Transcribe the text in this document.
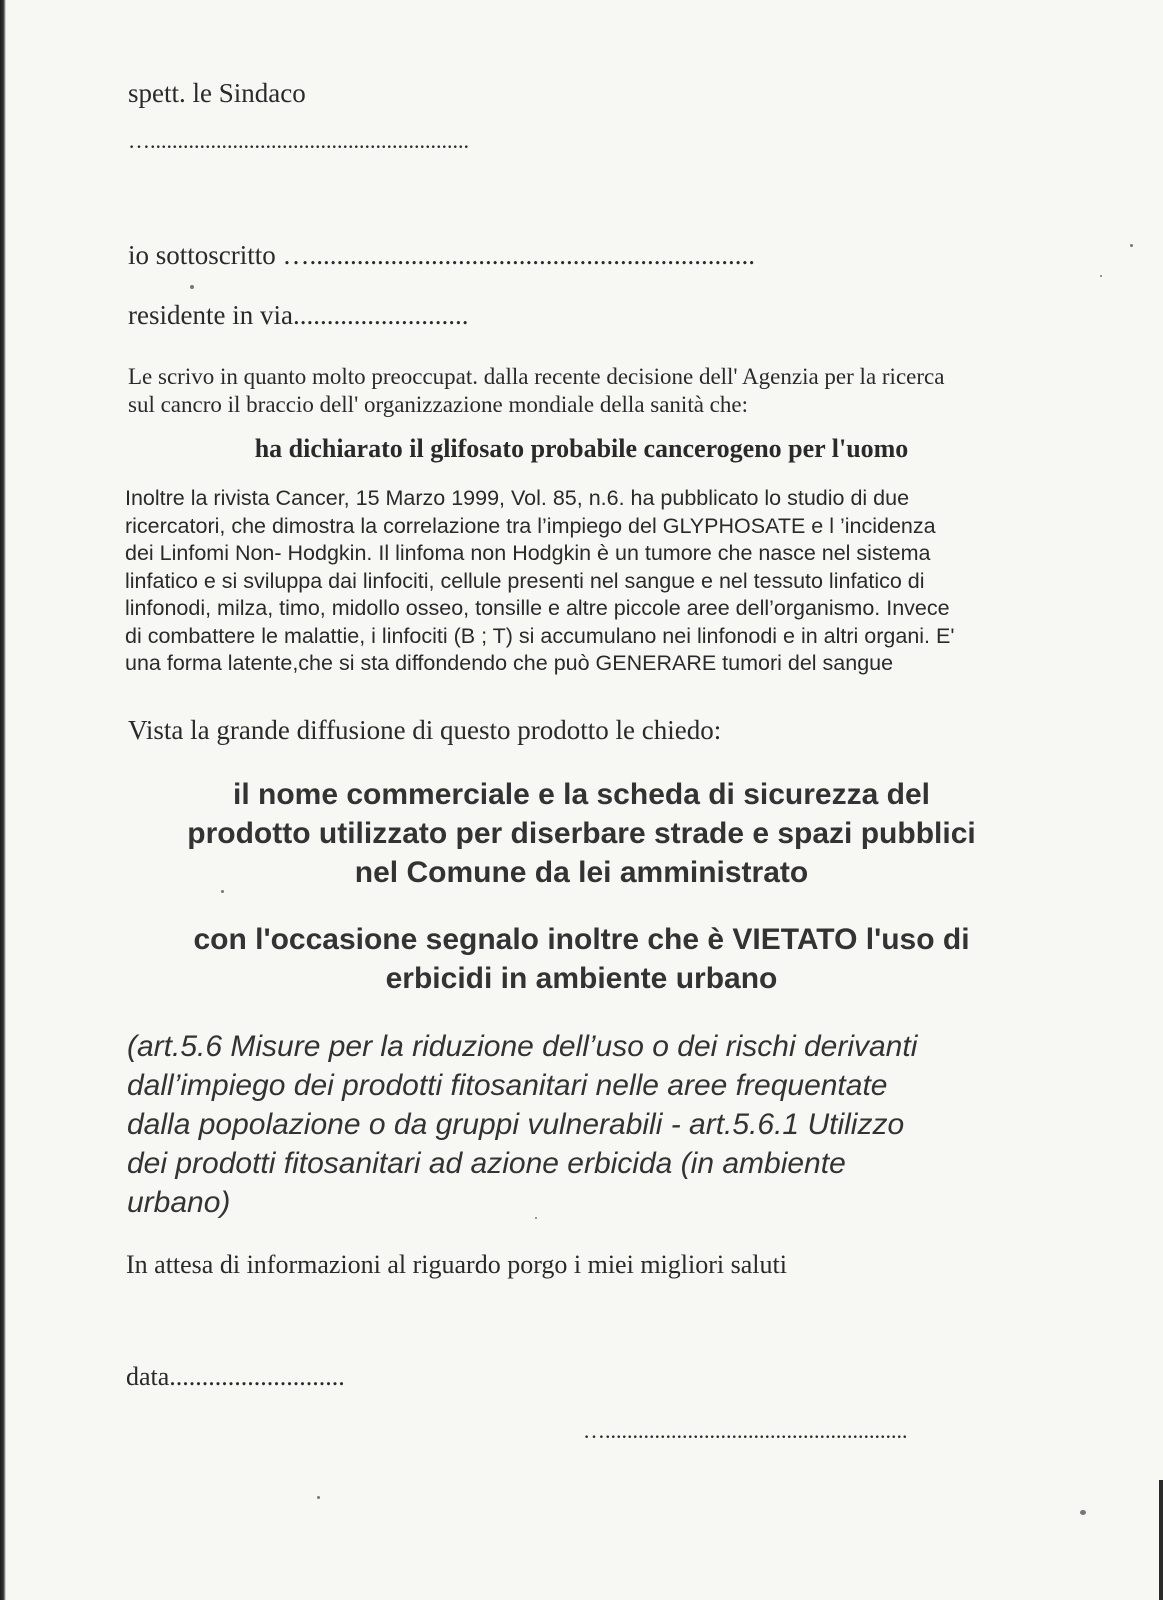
spett. le Sindaco
…..........................................................
io sottoscritto …..................................................................
residente in via..........................
Le scrivo in quanto molto preoccupat. dalla recente decisione dell' Agenzia per la ricerca
sul cancro il braccio dell' organizzazione mondiale della sanità che:
ha dichiarato il glifosato probabile cancerogeno per l'uomo
Inoltre la rivista Cancer, 15 Marzo 1999, Vol. 85, n.6. ha pubblicato lo studio di due
ricercatori, che dimostra la correlazione tra l’impiego del GLYPHOSATE e l ’incidenza
dei Linfomi Non- Hodgkin. Il linfoma non Hodgkin è un tumore che nasce nel sistema
linfatico e si sviluppa dai linfociti, cellule presenti nel sangue e nel tessuto linfatico di
linfonodi, milza, timo, midollo osseo, tonsille e altre piccole aree dell’organismo. Invece
di combattere le malattie, i linfociti (B ; T) si accumulano nei linfonodi e in altri organi. E'
una forma latente,che si sta diffondendo che può GENERARE tumori del sangue
Vista la grande diffusione di questo prodotto le chiedo:
il nome commerciale e la scheda di sicurezza del
prodotto utilizzato per diserbare strade e spazi pubblici
nel Comune da lei amministrato
con l'occasione segnalo inoltre che è VIETATO l'uso di
erbicidi in ambiente urbano
(art.5.6 Misure per la riduzione dell’uso o dei rischi derivanti
dall’impiego dei prodotti fitosanitari nelle aree frequentate
dalla popolazione o da gruppi vulnerabili - art.5.6.1 Utilizzo
dei prodotti fitosanitari ad azione erbicida (in ambiente
urbano)
In attesa di informazioni al riguardo porgo i miei migliori saluti
data...........................
….......................................................
